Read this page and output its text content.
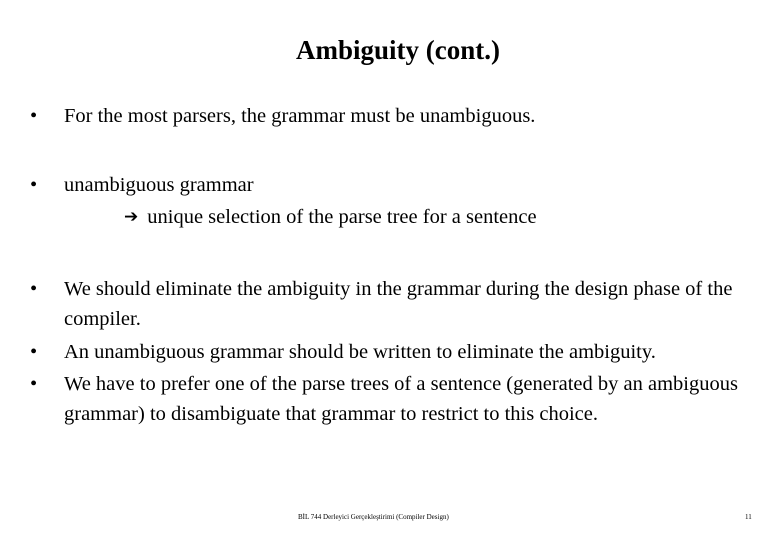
Ambiguity (cont.)
•	For the most parsers, the grammar must be unambiguous.
•	unambiguous grammar
➔ unique selection of the parse tree for a sentence
•	We should eliminate the ambiguity in the grammar during the design phase of the compiler.
•	An unambiguous grammar should be written to eliminate the ambiguity.
•	We have to prefer one of the parse trees of a sentence (generated by an ambiguous grammar) to disambiguate that grammar to restrict to this choice.
BİL 744 Derleyici Gerçekleştirimi (Compiler Design)	11
